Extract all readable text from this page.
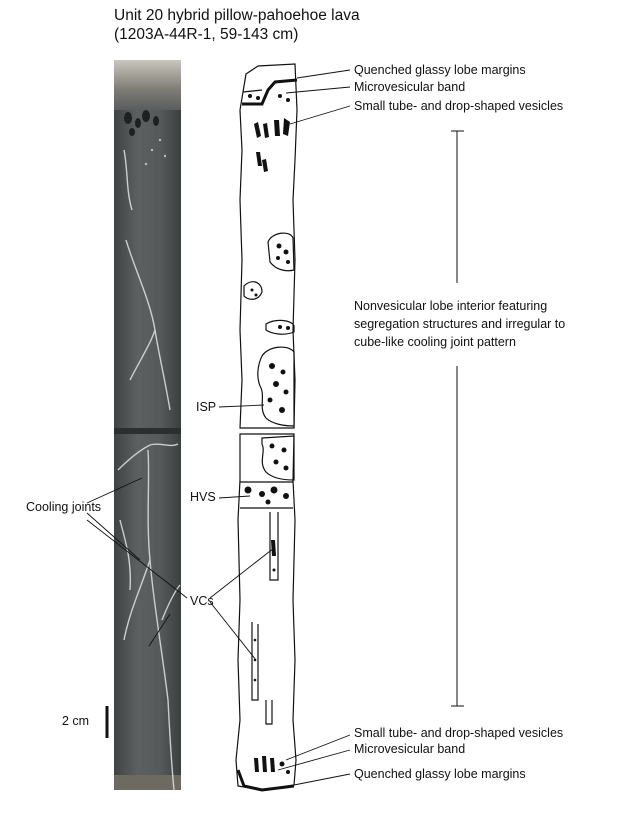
Unit 20 hybrid pillow-pahoehoe lava
(1203A-44R-1, 59-143 cm)
Quenched glassy lobe margins
Microvesicular band
Small tube- and drop-shaped vesicles
Nonvesicular lobe interior featuring segregation structures and irregular to cube-like cooling joint pattern
ISP
HVS
VCs
Cooling joints
2 cm
Small tube- and drop-shaped vesicles
Microvesicular band
Quenched glassy lobe margins
